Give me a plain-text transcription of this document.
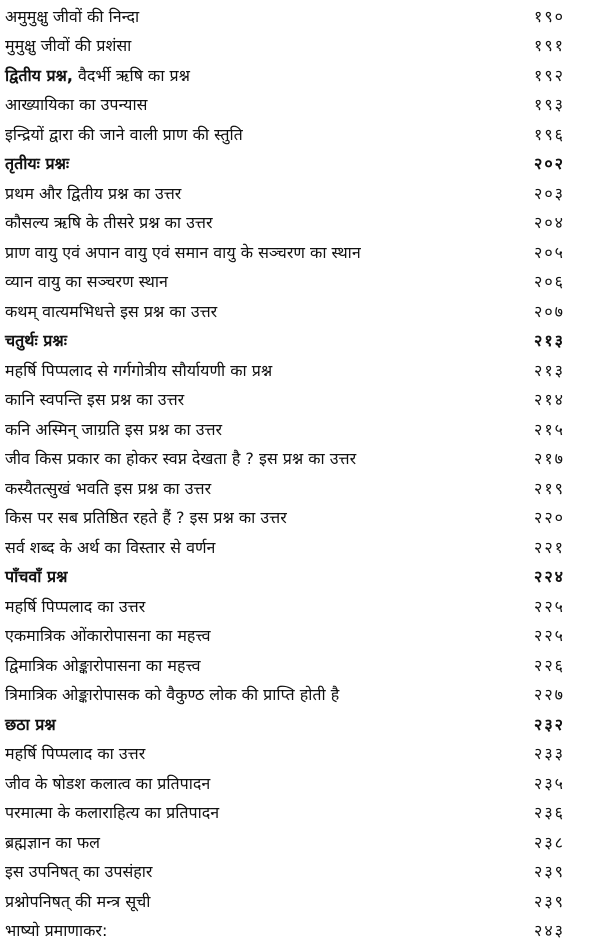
अमुमुक्षु जीवों की निन्दा	१९०
मुमुक्षु जीवों की प्रशंसा	१९१
द्वितीय प्रश्न, वैदर्भी ऋषि का प्रश्न	१९२
आख्यायिका का उपन्यास	१९३
इन्द्रियों द्वारा की जाने वाली प्राण की स्तुति	१९६
तृतीयः प्रश्नः	२०२
प्रथम और द्वितीय प्रश्न का उत्तर	२०३
कौसल्य ऋषि के तीसरे प्रश्न का उत्तर	२०४
प्राण वायु एवं अपान वायु एवं समान वायु के सञ्चरण का स्थान	२०५
व्यान वायु का सञ्चरण स्थान	२०६
कथम् वात्यमभिधत्ते इस प्रश्न का उत्तर	२०७
चतुर्थः प्रश्नः	२१३
महर्षि पिप्पलाद से गर्गगोत्रीय सौर्यायणी का प्रश्न	२१३
कानि स्वपन्ति इस प्रश्न का उत्तर	२१४
कनि अस्मिन् जाग्रति इस प्रश्न का उत्तर	२१५
जीव किस प्रकार का होकर स्वप्न देखता है ? इस प्रश्न का उत्तर	२१७
कस्यैतत्सुखं भवति इस प्रश्न का उत्तर	२१९
किस पर सब प्रतिष्ठित रहते हैं ? इस प्रश्न का उत्तर	२२०
सर्व शब्द के अर्थ का विस्तार से वर्णन	२२१
पाँचवाँ प्रश्न	२२४
महर्षि पिप्पलाद का उत्तर	२२५
एकमात्रिक ओंकारोपासना का महत्त्व	२२५
द्विमात्रिक ओङ्कारोपासना का महत्त्व	२२६
त्रिमात्रिक ओङ्कारोपासक को वैकुण्ठ लोक की प्राप्ति होती है	२२७
छठा प्रश्न	२३२
महर्षि पिप्पलाद का उत्तर	२३३
जीव के षोडश कलात्व का प्रतिपादन	२३५
परमात्मा के कलाराहित्य का प्रतिपादन	२३६
ब्रह्मज्ञान का फल	२३८
इस उपनिषत् का उपसंहार	२३९
प्रश्नोपनिषत् की मन्त्र सूची	२३९
भाष्यो प्रमाणाकर:	२४३
